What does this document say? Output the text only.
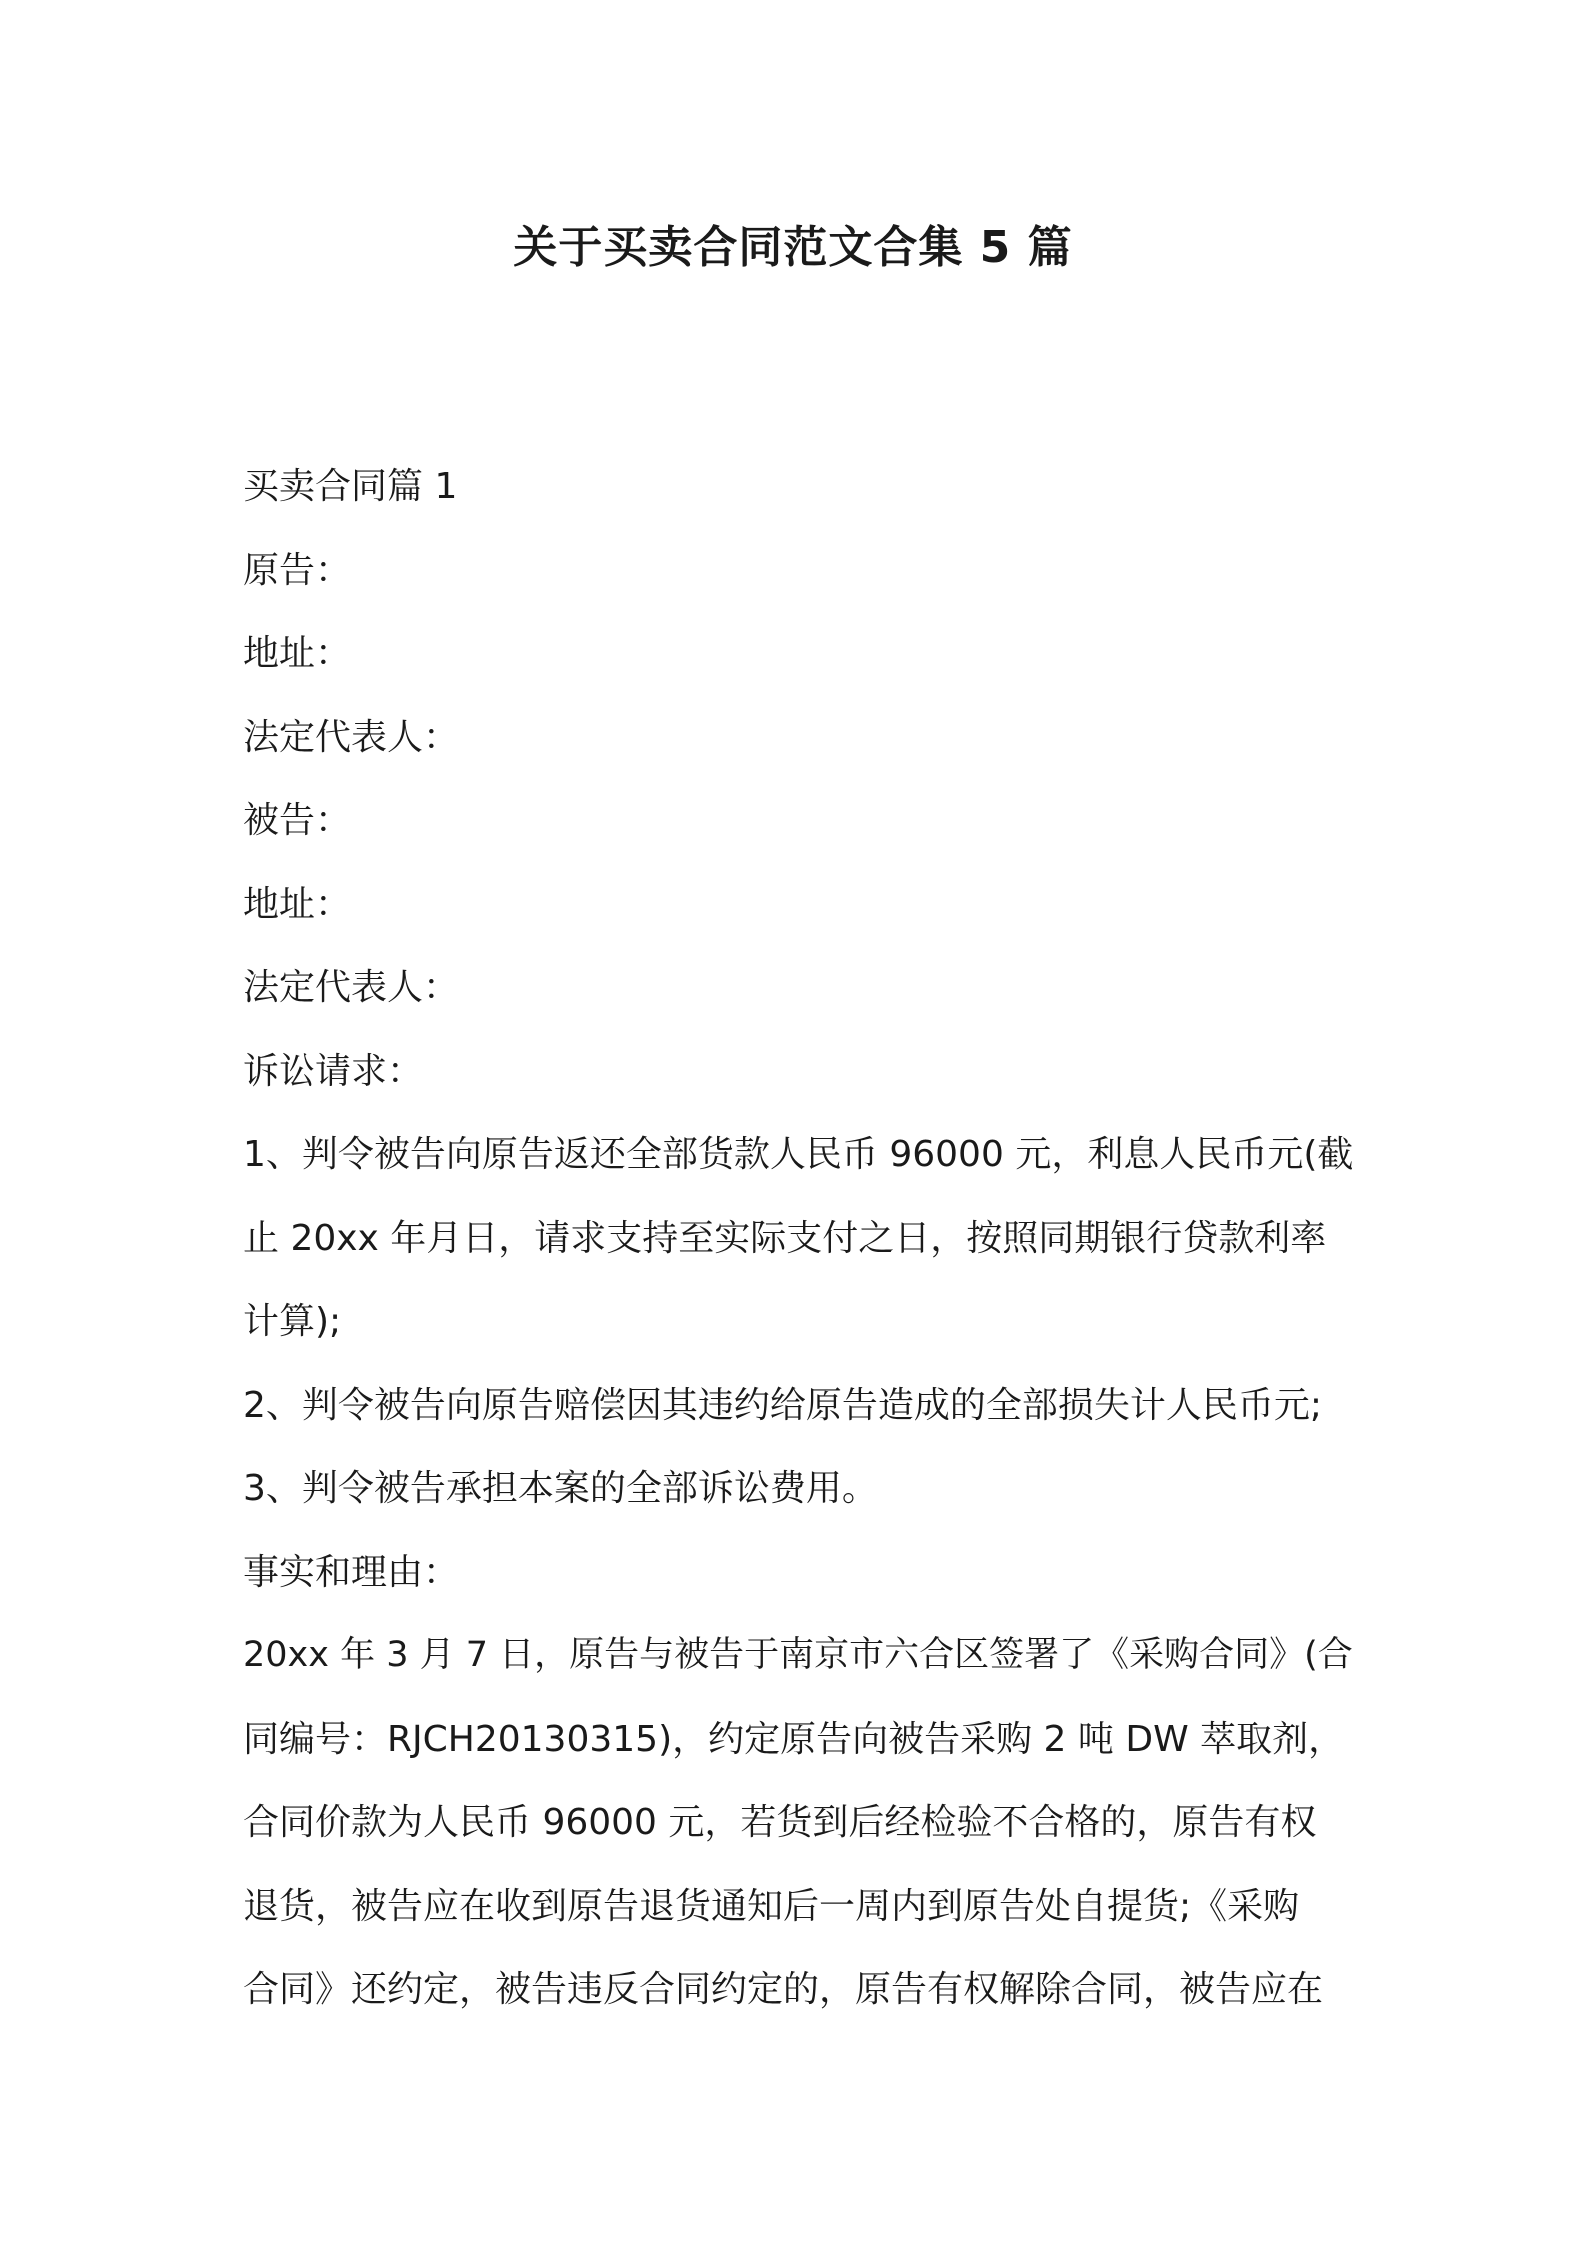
关于买卖合同范文合集 5 篇
买卖合同篇 1
原告：
地址：
法定代表人：
被告：
地址：
法定代表人：
诉讼请求：
1、判令被告向原告返还全部货款人民币 96000 元，利息人民币元(截
止 20xx 年月日，请求支持至实际支付之日，按照同期银行贷款利率
计算);
2、判令被告向原告赔偿因其违约给原告造成的全部损失计人民币元;
3、判令被告承担本案的全部诉讼费用。
事实和理由：
20xx 年 3 月 7 日，原告与被告于南京市六合区签署了《采购合同》(合
同编号：RJCH20130315)，约定原告向被告采购 2 吨 DW 萃取剂，
合同价款为人民币 96000 元，若货到后经检验不合格的，原告有权
退货，被告应在收到原告退货通知后一周内到原告处自提货;《采购
合同》还约定，被告违反合同约定的，原告有权解除合同，被告应在
